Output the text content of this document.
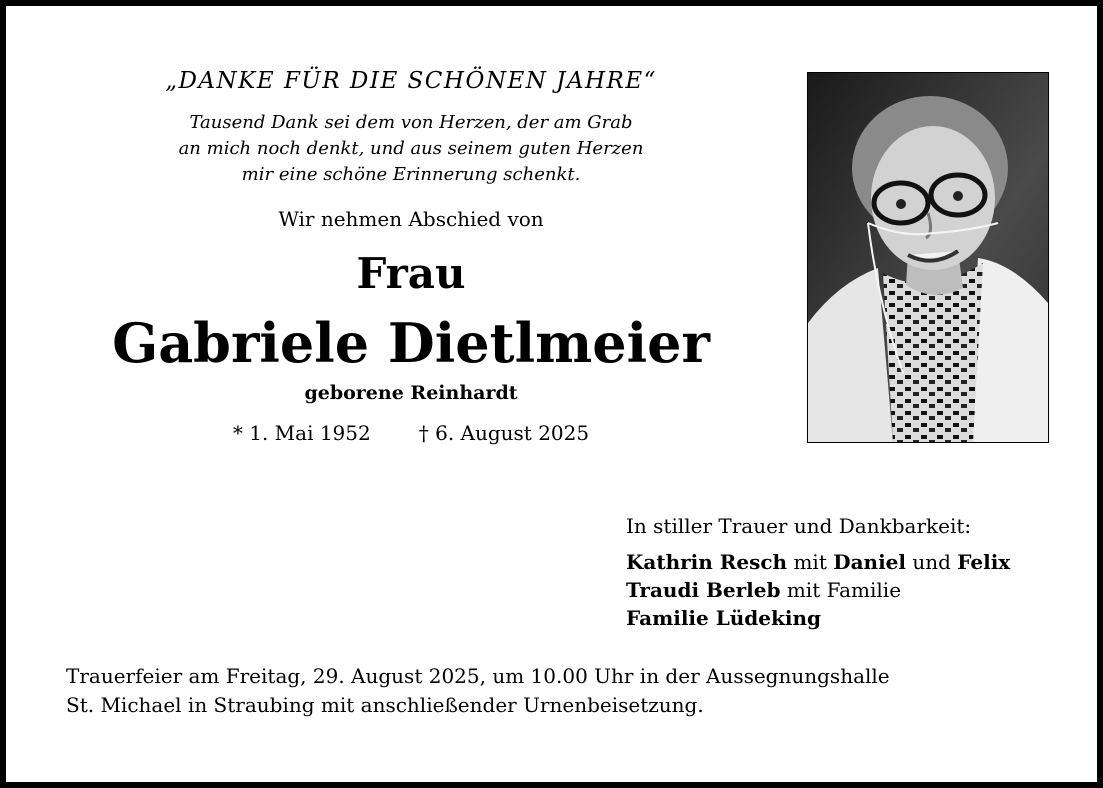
„DANKE FÜR DIE SCHÖNEN JAHRE“
Tausend Dank sei dem von Herzen, der am Grab
an mich noch denkt, und aus seinem guten Herzen
mir eine schöne Erinnerung schenkt.
Wir nehmen Abschied von
Frau
Gabriele Dietlmeier
geborene Reinhardt
* 1. Mai 1952 † 6. August 2025
In stiller Trauer und Dankbarkeit:
Kathrin Resch mit Daniel und Felix
Traudi Berleb mit Familie
Familie Lüdeking
Trauerfeier am Freitag, 29. August 2025, um 10.00 Uhr in der Aussegnungshalle
St. Michael in Straubing mit anschließender Urnenbeisetzung.
